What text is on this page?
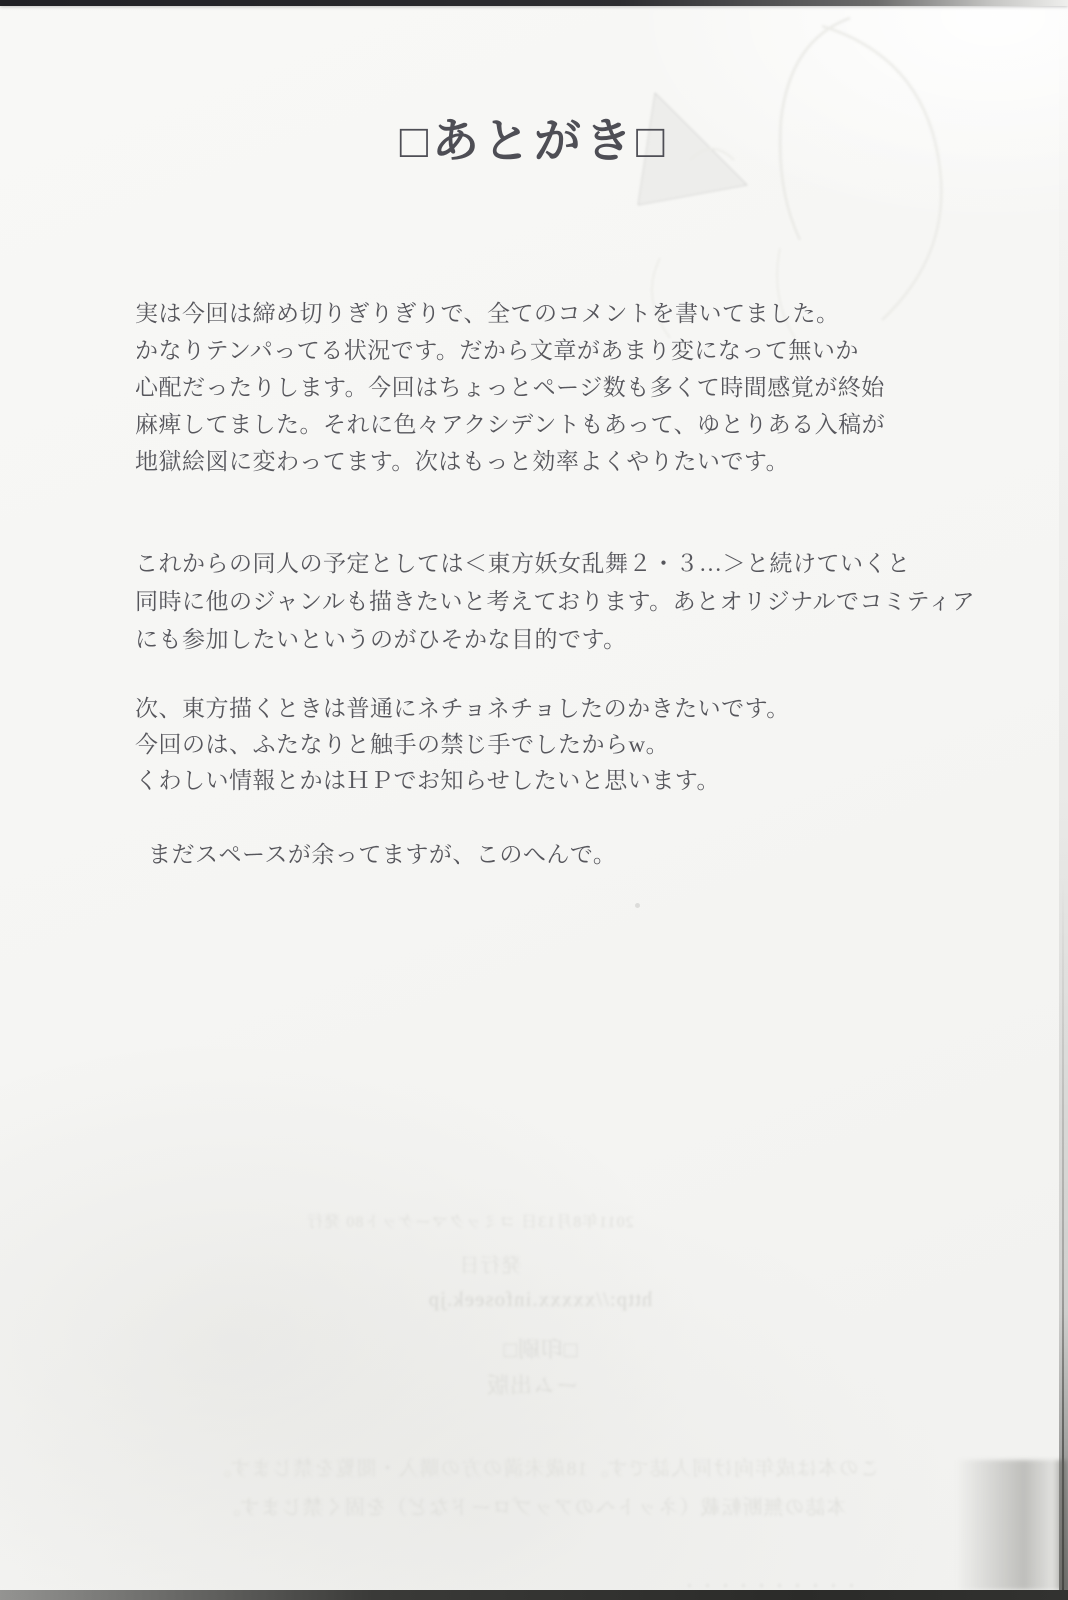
□あとがき□
実は今回は締め切りぎりぎりで、全てのコメントを書いてました。
かなりテンパってる状況です。だから文章があまり変になって無いか
心配だったりします。今回はちょっとページ数も多くて時間感覚が終始
麻痺してました。それに色々アクシデントもあって、ゆとりある入稿が
地獄絵図に変わってます。次はもっと効率よくやりたいです。
これからの同人の予定としては＜東方妖女乱舞２・３…＞と続けていくと
同時に他のジャンルも描きたいと考えております。あとオリジナルでコミティア
にも参加したいというのがひそかな目的です。
次、東方描くときは普通にネチョネチョしたのかきたいです。
今回のは、ふたなりと触手の禁じ手でしたからw。
くわしい情報とかはＨＰでお知らせしたいと思います。
まだスペースが余ってますが、このへんで。
2011年8月13日 コミックマーケット80 発行
発行日
http://xxxxx.infoseek.jp
□印刷□
ーム出版
この本は成年向け同人誌です。18歳未満の方の購入・閲覧を禁じます。
本誌の無断転載（ネットへのアップロードなど）を固く禁じます。
・・・・・・・・・・
